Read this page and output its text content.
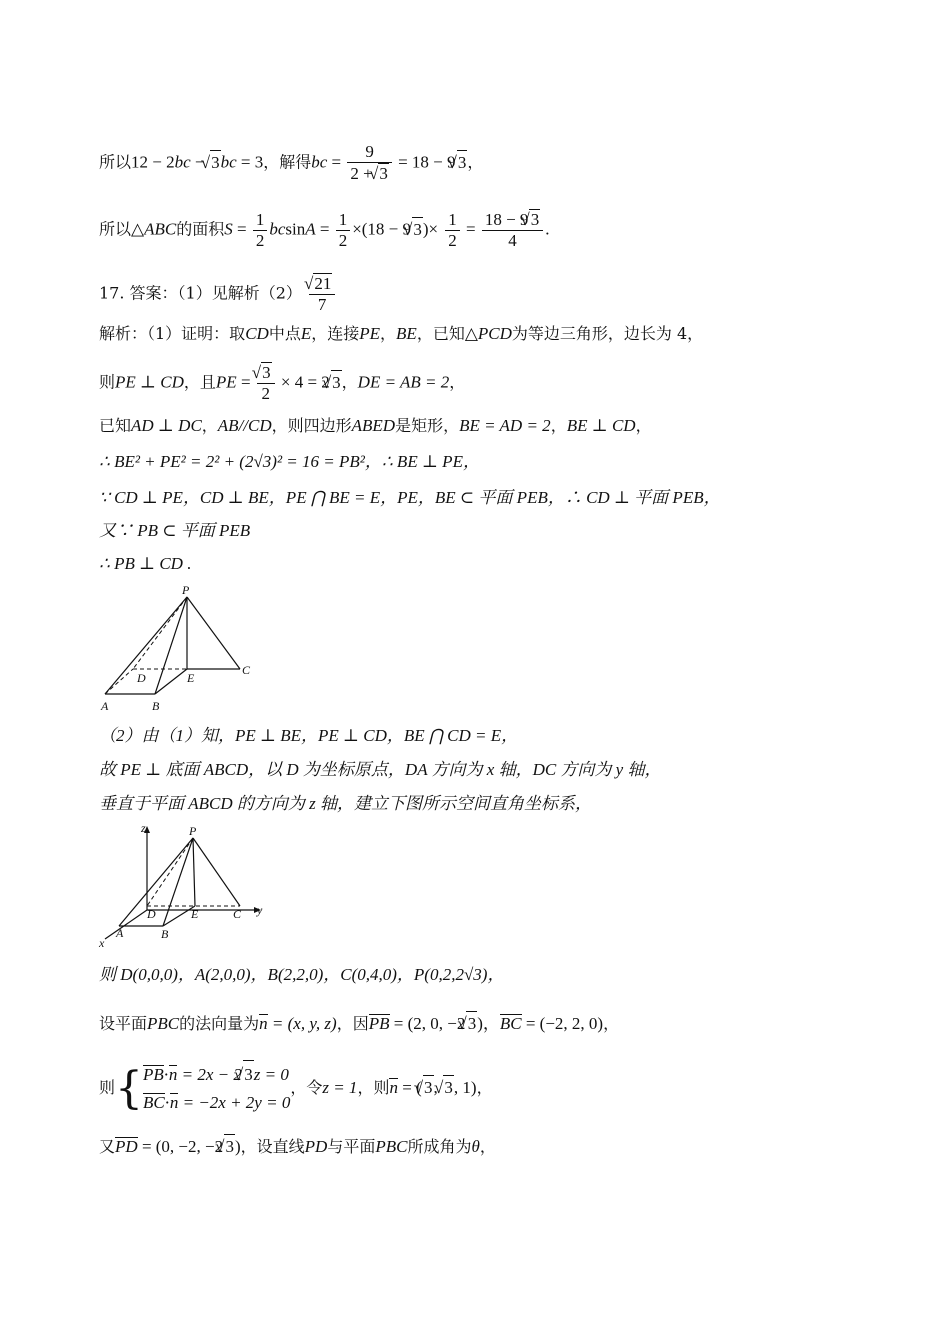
所以12 − 2bc − √ 3bc = 3，解得bc = $\frac{9}{2 + √ 3} = 18 - 9√$ 3，
所以△ABC的面积$S = \frac{1}{2}$ $bcsinA = \frac{1}{2} \times(18 - 9√$ $3)\times \frac{1}{2} = \frac{18 - 9√ 3}{4}$ .
17. 答案：（1）见解析（2）
√ $\frac{21}{7}$
解析：（1）证明：取CD中点E，连接PE，BE，已知△PCD为等边三角形，边长为 4，
则PE ⊥ CD，且PE =
√ $\frac{3}{2} \times 4 = 2√$ 3，DE = AB = 2，
已知AD ⊥ DC，AB//CD，则四边形ABED是矩形，BE = AD = 2，BE ⊥ CD，
∴ BE² + PE² = 2² + (2√3)² = 16 = PB²，∴ BE ⊥ PE，
∵ CD ⊥ PE，CD ⊥ BE，PE ⋂ BE = E，PE，BE ⊂ 平面 PEB，∴ CD ⊥ 平面 PEB，
又∵ PB ⊂ 平面 PEB
∴ PB ⊥ CD .
P
A	B
C
D	E
（2）由（1）知，PE ⊥ BE，PE ⊥ CD，BE ⋂ CD = E，
故 PE ⊥ 底面 ABCD，以 D 为坐标原点，DA 方向为 x 轴，DC 方向为 y 轴，
垂直于平面 ABCD 的方向为 z 轴，建立下图所示空间直角坐标系，
P
z
y
x
A	B
C
D	E
则 D(0,0,0)，A(2,0,0)，B(2,2,0)，C(0,4,0)，P(0,2,2√3)，
设平面PBC的法向量为n = (x, y, z)，因PB = (2, 0, −2√ 3)，BC = (−2, 2, 0)，
则{ PB·n = 2x − 2√ 3z = 0
BC·n = −2x + 2y = 0
，令z = 1，则n = (√ 3, √ 3, 1)，
又PD = (0, −2, −2√ 3)，设直线PD与平面PBC所成角为θ，
